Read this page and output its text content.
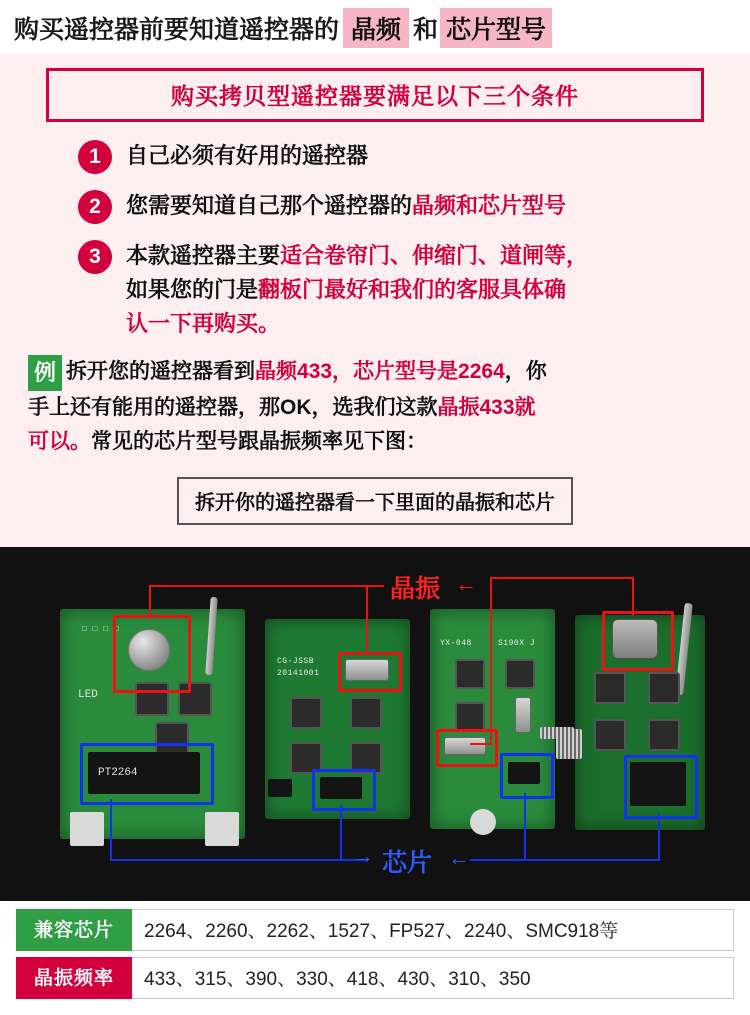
购买遥控器前要知道遥控器的 晶频 和 芯片型号
购买拷贝型遥控器要满足以下三个条件
1	自己必须有好用的遥控器
2	您需要知道自己那个遥控器的晶频和芯片型号
3	本款遥控器主要适合卷帘门、伸缩门、道闸等，
如果您的门是翻板门最好和我们的客服具体确
认一下再购买。
例 拆开您的遥控器看到晶频433，芯片型号是2264，你
手上还有能用的遥控器，那OK，选我们这款晶振433就
可以。常见的芯片型号跟晶振频率见下图：
拆开你的遥控器看一下里面的晶振和芯片
□ □ □ □
LED
PT2264
CG-JSSB
20141001
YX-048	S190X J
晶振 ←
芯片 ←
→
兼容芯片	2264、2260、2262、1527、FP527、2240、SMC918等
晶振频率	433、315、390、330、418、430、310、350
